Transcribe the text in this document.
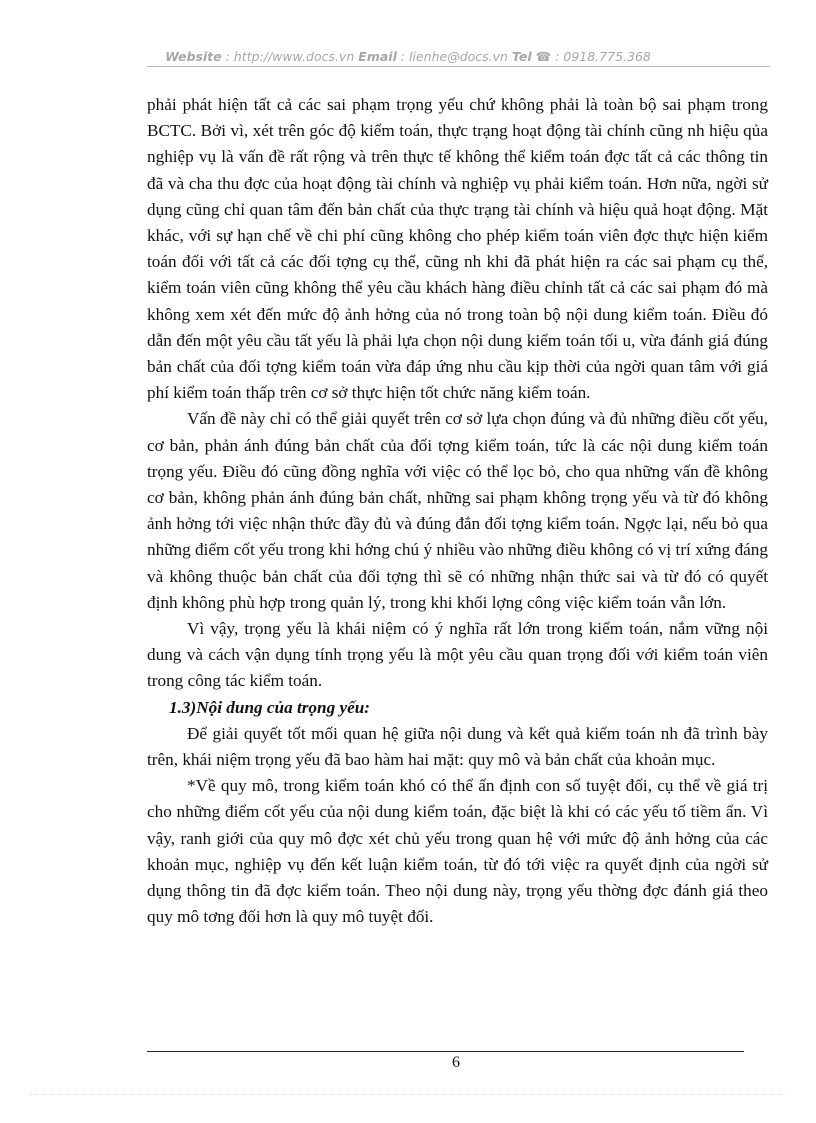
Website : http://www.docs.vn Email : lienhe@docs.vn Tel ☎ : 0918.775.368

phải phát hiện tất cả các sai phạm trọng yếu chứ không phải là toàn bộ sai phạm trong BCTC. Bởi vì, xét trên góc độ kiểm toán, thực trạng hoạt động tài chính cũng nh hiệu qủa nghiệp vụ là vấn đề rất rộng và trên thực tế không thể kiểm toán đợc tất cả các thông tin đã và cha thu đợc của hoạt động tài chính và nghiệp vụ phải kiểm toán. Hơn nữa, ngời sử dụng cũng chỉ quan tâm đến bản chất của thực trạng tài chính và hiệu quả hoạt động. Mặt khác, với sự hạn chế về chi phí cũng không cho phép kiểm toán viên đợc thực hiện kiểm toán đối với tất cả các đối tợng cụ thể, cũng nh khi đã phát hiện ra các sai phạm cụ thể, kiểm toán viên cũng không thể yêu cầu khách hàng điều chỉnh tất cả các sai phạm đó mà không xem xét đến mức độ ảnh hởng của nó trong toàn bộ nội dung kiểm toán. Điều đó dẫn đến một yêu cầu tất yếu là phải lựa chọn nội dung kiểm toán tối u, vừa đánh giá đúng bản chất của đối tợng kiểm toán vừa đáp ứng nhu cầu kịp thời của ngời quan tâm với giá phí kiểm toán thấp trên cơ sở thực hiện tốt chức năng kiểm toán.

Vấn đề này chỉ có thể giải quyết trên cơ sở lựa chọn đúng và đủ những điều cốt yếu, cơ bản, phản ánh đúng bản chất của đối tợng kiểm toán, tức là các nội dung kiểm toán trọng yếu. Điều đó cũng đồng nghĩa với việc có thể lọc bỏ, cho qua những vấn đề không cơ bản, không phản ánh đúng bản chất, những sai phạm không trọng yếu và từ đó không ảnh hởng tới việc nhận thức đầy đủ và đúng đắn đối tợng kiểm toán. Ngợc lại, nếu bỏ qua những điểm cốt yếu trong khi hớng chú ý nhiều vào những điều không có vị trí xứng đáng và không thuộc bản chất của đối tợng thì sẽ có những nhận thức sai và từ đó có quyết định không phù hợp trong quản lý, trong khi khối lợng công việc kiểm toán vẫn lớn.

Vì vậy, trọng yếu là khái niệm có ý nghĩa rất lớn trong kiểm toán, nắm vững nội dung và cách vận dụng tính trọng yếu là một yêu cầu quan trọng đối với kiểm toán viên trong công tác kiểm toán.

1.3)Nội dung của trọng yếu:

Để giải quyết tốt mối quan hệ giữa nội dung và kết quả kiểm toán nh đã trình bày trên, khái niệm trọng yếu đã bao hàm hai mặt: quy mô và bản chất của khoản mục.

*Về quy mô, trong kiểm toán khó có thể ấn định con số tuyệt đối, cụ thể về giá trị cho những điểm cốt yếu của nội dung kiểm toán, đặc biệt là khi có các yếu tố tiềm ẩn. Vì vậy, ranh giới của quy mô đợc xét chủ yếu trong quan hệ với mức độ ảnh hởng của các khoản mục, nghiệp vụ đến kết luận kiểm toán, từ đó tới việc ra quyết định của ngời sử dụng thông tin đã đợc kiểm toán. Theo nội dung này, trọng yếu thờng đợc đánh giá theo quy mô tơng đối hơn là quy mô tuyệt đối.

6
